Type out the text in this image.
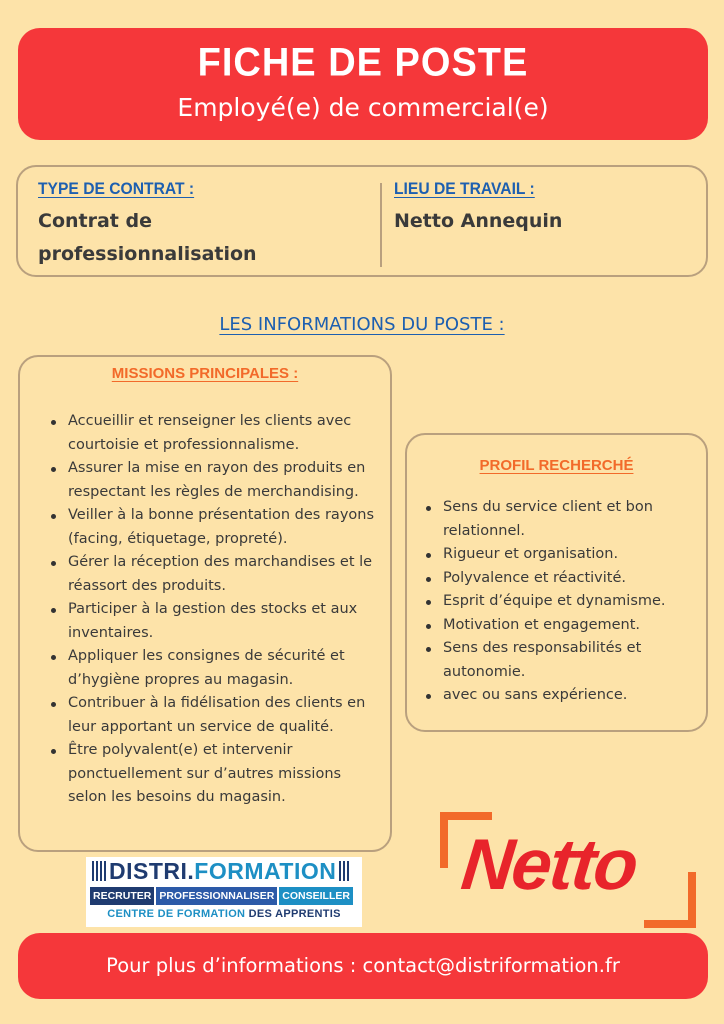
FICHE DE POSTE
Employé(e) de commercial(e)
TYPE DE CONTRAT :
Contrat de
professionnalisation
LIEU DE TRAVAIL :
Netto Annequin
LES INFORMATIONS DU POSTE :
MISSIONS PRINCIPALES :
Accueillir et renseigner les clients avec courtoisie et professionnalisme.
Assurer la mise en rayon des produits en respectant les règles de merchandising.
Veiller à la bonne présentation des rayons (facing, étiquetage, propreté).
Gérer la réception des marchandises et le réassort des produits.
Participer à la gestion des stocks et aux inventaires.
Appliquer les consignes de sécurité et d’hygiène propres au magasin.
Contribuer à la fidélisation des clients en leur apportant un service de qualité.
Être polyvalent(e) et intervenir ponctuellement sur d’autres missions selon les besoins du magasin.
PROFIL RECHERCHÉ
Sens du service client et bon relationnel.
Rigueur et organisation.
Polyvalence et réactivité.
Esprit d’équipe et dynamisme.
Motivation et engagement.
Sens des responsabilités et autonomie.
avec ou sans expérience.
DISTRI. FORMATION
RECRUTER PROFESSIONNALISER CONSEILLER
CENTRE DE FORMATION DES APPRENTIS
Netto
Pour plus d’informations : contact@distriformation.fr
